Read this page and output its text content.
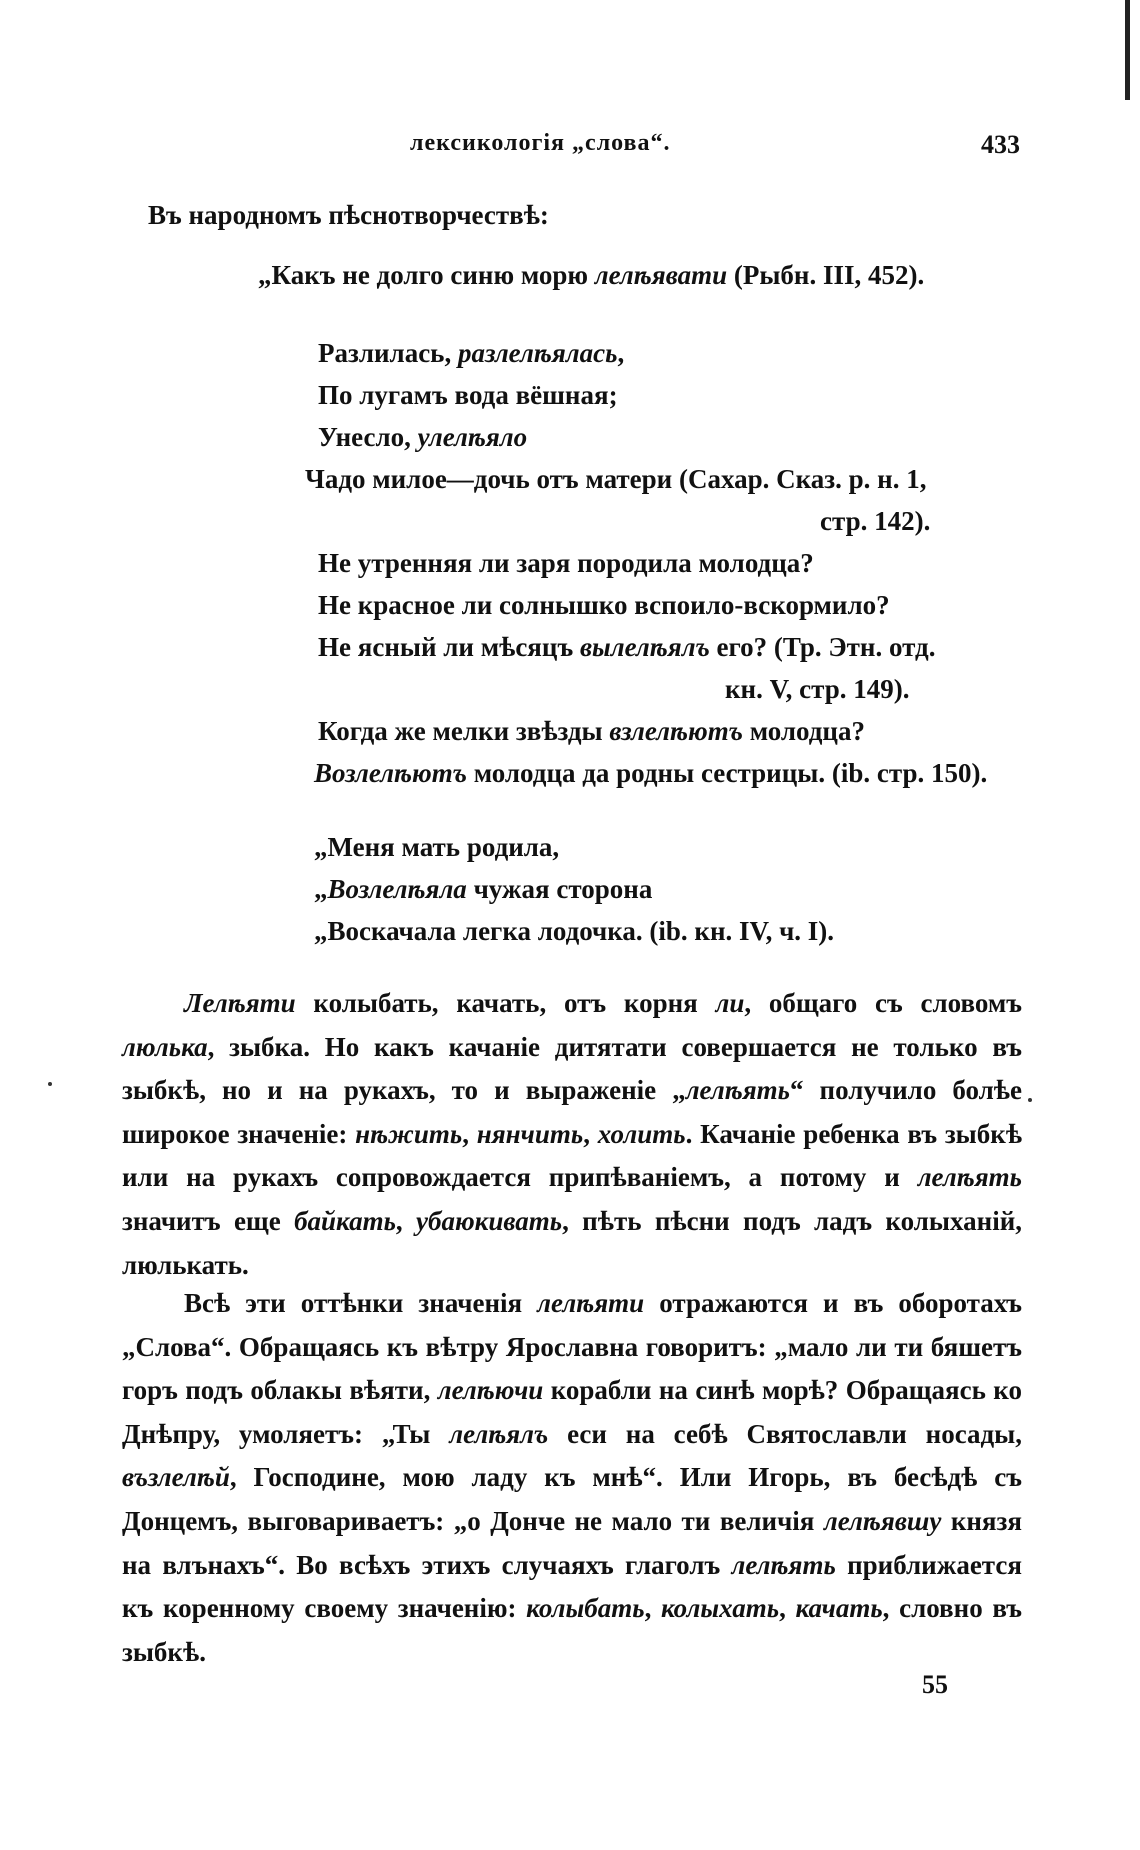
лексикологія „слова“.	433
Въ народномъ пѣснотворчествѣ:
„Какъ не долго синю морю лелѣявати (Рыбн. III, 452).
Разлилась, разлелѣялась,
По лугамъ вода вёшная;
Унесло, улелѣяло
Чадо милое—дочь отъ матери (Сахар. Сказ. р. н. 1,
стр. 142).
Не утренняя ли заря породила молодца?
Не красное ли солнышко вспоило-вскормило?
Не ясный ли мѣсяцъ вылелѣялъ его? (Тр. Этн. отд.
кн. V, стр. 149).
Когда же мелки звѣзды взлелѣютъ молодца?
Возлелѣютъ молодца да родны сестрицы. (ib. стр. 150).
„Меня мать родила,
„Возлелѣяла чужая сторона
„Воскачала легка лодочка. (ib. кн. IV, ч. I).
Лелѣяти колыбать, качать, отъ корня ли, общаго съ словомъ люлька, зыбка. Но какъ качаніе дитятати совершается не только въ зыбкѣ, но и на рукахъ, то и выраженіе „лелѣять“ получило болѣе широкое значеніе: нѣжить, нянчить, холить. Качаніе ребенка въ зыбкѣ или на рукахъ сопровождается припѣваніемъ, а потому и лелѣять значитъ еще байкать, убаюкивать, пѣть пѣсни подъ ладъ колыханій, люлькать.
Всѣ эти оттѣнки значенія лелѣяти отражаются и въ оборотахъ „Слова“. Обращаясь къ вѣтру Ярославна говоритъ: „мало ли ти бяшетъ горъ подъ облакы вѣяти, лелѣючи корабли на синѣ морѣ? Обращаясь ко Днѣпру, умоляетъ: „Ты лелѣялъ еси на себѣ Святославли носады, възлелѣй, Господине, мою ладу къ мнѣ“. Или Игорь, въ бесѣдѣ съ Донцемъ, выговариваетъ: „о Донче не мало ти величія лелѣявшу князя на влънахъ“. Во всѣхъ этихъ случаяхъ глаголъ лелѣять приближается къ коренному своему значенію: колыбать, колыхать, качать, словно въ зыбкѣ.
55
